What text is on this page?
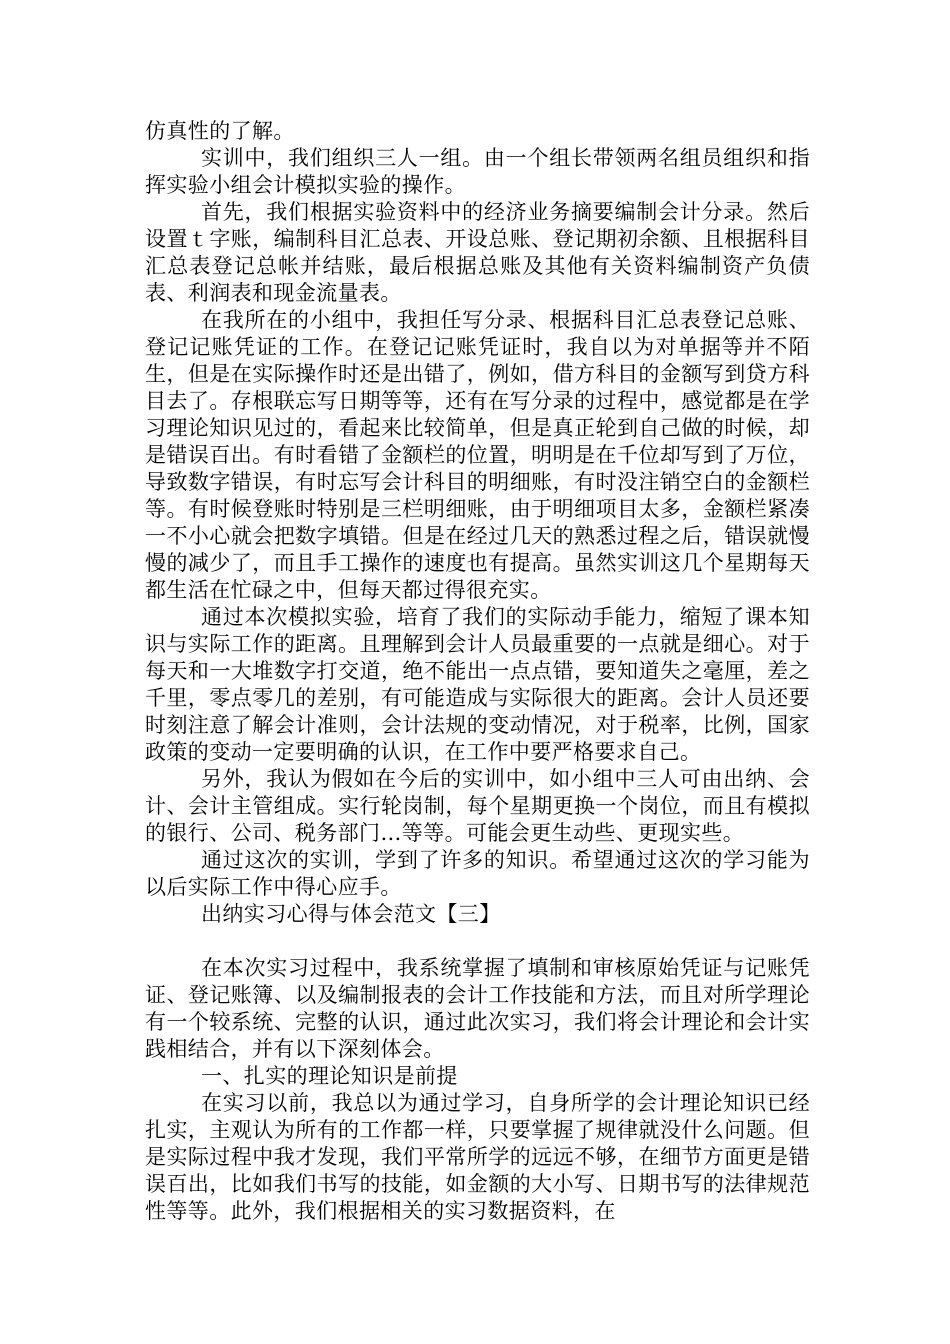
仿真性的了解。

实训中，我们组织三人一组。由一个组长带领两名组员组织和指挥实验小组会计模拟实验的操作。

首先，我们根据实验资料中的经济业务摘要编制会计分录。然后设置ｔ字账，编制科目汇总表、开设总账、登记期初余额、且根据科目汇总表登记总帐并结账，最后根据总账及其他有关资料编制资产负债表、利润表和现金流量表。

在我所在的小组中，我担任写分录、根据科目汇总表登记总账、登记记账凭证的工作。在登记记账凭证时，我自以为对单据等并不陌生，但是在实际操作时还是出错了，例如，借方科目的金额写到贷方科目去了。存根联忘写日期等等，还有在写分录的过程中，感觉都是在学习理论知识见过的，看起来比较简单，但是真正轮到自己做的时候，却是错误百出。有时看错了金额栏的位置，明明是在千位却写到了万位，导致数字错误，有时忘写会计科目的明细账，有时没注销空白的金额栏等。有时候登账时特别是三栏明细账，由于明细项目太多，金额栏紧凑一不小心就会把数字填错。但是在经过几天的熟悉过程之后，错误就慢慢的减少了，而且手工操作的速度也有提高。虽然实训这几个星期每天都生活在忙碌之中，但每天都过得很充实。

通过本次模拟实验，培育了我们的实际动手能力，缩短了课本知识与实际工作的距离。且理解到会计人员最重要的一点就是细心。对于每天和一大堆数字打交道，绝不能出一点点错，要知道失之毫厘，差之千里，零点零几的差别，有可能造成与实际很大的距离。会计人员还要时刻注意了解会计准则，会计法规的变动情况，对于税率，比例，国家政策的变动一定要明确的认识，在工作中要严格要求自己。

另外，我认为假如在今后的实训中，如小组中三人可由出纳、会计、会计主管组成。实行轮岗制，每个星期更换一个岗位，而且有模拟的银行、公司、税务部门…等等。可能会更生动些、更现实些。

通过这次的实训，学到了许多的知识。希望通过这次的学习能为以后实际工作中得心应手。

出纳实习心得与体会范文【三】

在本次实习过程中，我系统掌握了填制和审核原始凭证与记账凭证、登记账簿、以及编制报表的会计工作技能和方法，而且对所学理论有一个较系统、完整的认识，通过此次实习，我们将会计理论和会计实践相结合，并有以下深刻体会。

一、扎实的理论知识是前提

在实习以前，我总以为通过学习，自身所学的会计理论知识已经扎实，主观认为所有的工作都一样，只要掌握了规律就没什么问题。但是实际过程中我才发现，我们平常所学的远远不够，在细节方面更是错误百出，比如我们书写的技能，如金额的大小写、日期书写的法律规范性等等。此外，我们根据相关的实习数据资料，在
